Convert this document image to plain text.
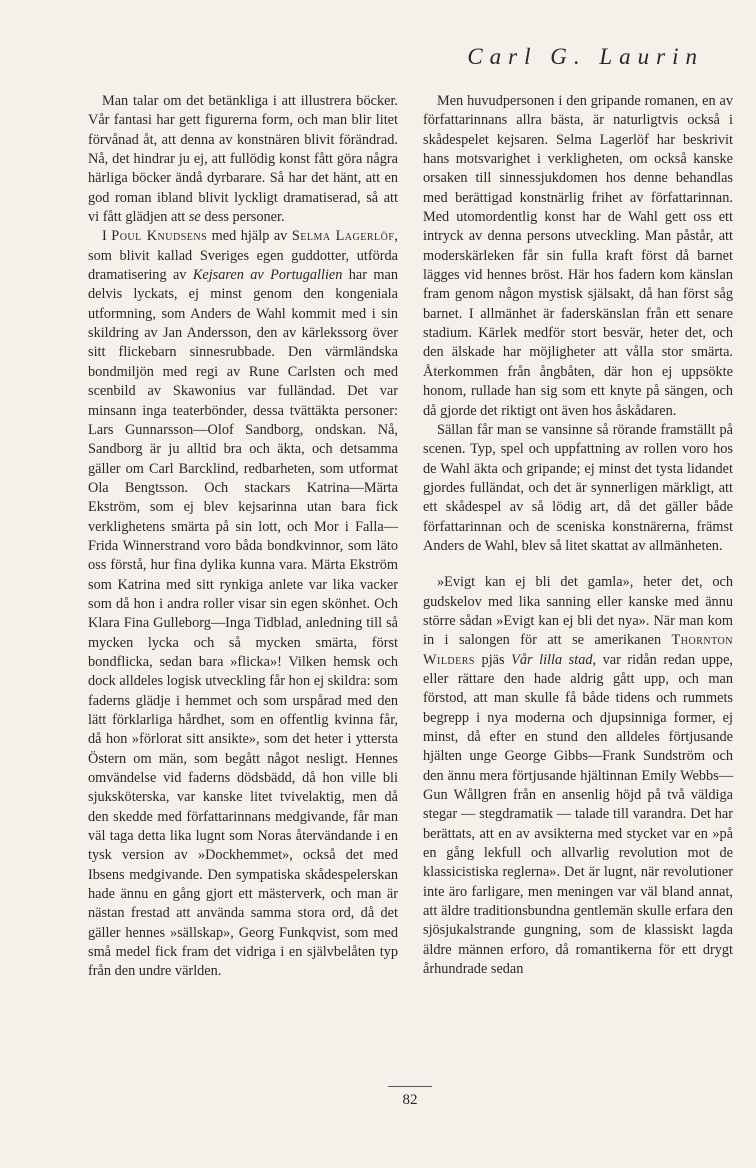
Carl G. Laurin

Man talar om det betänkliga i att illustrera böcker. Vår fantasi har gett figurerna form, och man blir litet förvånad åt, att denna av konstnären blivit förändrad. Nå, det hindrar ju ej, att fullödig konst fått göra några härliga böcker ändå dyrbarare. Så har det hänt, att en god roman ibland blivit lyckligt dramatiserad, så att vi fått glädjen att se dess personer.

I Poul Knudsens med hjälp av Selma Lagerlöf, som blivit kallad Sveriges egen guddotter, utförda dramatisering av Kejsaren av Portugallien har man delvis lyckats, ej minst genom den kongeniala utformning, som Anders de Wahl kommit med i sin skildring av Jan Andersson, den av kärlekssorg över sitt flickebarn sinnesrubbade. Den värmländska bondmiljön med regi av Rune Carlsten och med scenbild av Skawonius var fulländad. Det var minsann inga teaterbönder, dessa tvättäkta personer: Lars Gunnarsson—Olof Sandborg, ondskan. Nå, Sandborg är ju alltid bra och äkta, och detsamma gäller om Carl Barcklind, redbarheten, som utformat Ola Bengtsson. Och stackars Katrina—Märta Ekström, som ej blev kejsarinna utan bara fick verklighetens smärta på sin lott, och Mor i Falla—Frida Winnerstrand voro båda bondkvinnor, som läto oss förstå, hur fina dylika kunna vara. Märta Ekström som Katrina med sitt rynkiga anlete var lika vacker som då hon i andra roller visar sin egen skönhet. Och Klara Fina Gulleborg—Inga Tidblad, anledning till så mycken lycka och så mycken smärta, först bondflicka, sedan bara »flicka»! Vilken hemsk och dock alldeles logisk utveckling får hon ej skildra: som faderns glädje i hemmet och som urspårad med den lätt förklarliga hårdhet, som en offentlig kvinna får, då hon »förlorat sitt ansikte», som det heter i yttersta Östern om män, som begått något nesligt. Hennes omvändelse vid faderns dödsbädd, då hon ville bli sjuksköterska, var kanske litet tvivelaktig, men då den skedde med författarinnans medgivande, får man väl taga detta lika lugnt som Noras återvändande i en tysk version av »Dockhemmet», också det med Ibsens medgivande. Den sympatiska skådespelerskan hade ännu en gång gjort ett mästerverk, och man är nästan frestad att använda samma stora ord, då det gäller hennes »sällskap», Georg Funkqvist, som med små medel fick fram det vidriga i en självbelåten typ från den undre världen.

Men huvudpersonen i den gripande romanen, en av författarinnans allra bästa, är naturligtvis också i skådespelet kejsaren. Selma Lagerlöf har beskrivit hans motsvarighet i verkligheten, om också kanske orsaken till sinnessjukdomen hos denne behandlas med berättigad konstnärlig frihet av författarinnan. Med utomordentlig konst har de Wahl gett oss ett intryck av denna persons utveckling. Man påstår, att moderskärleken får sin fulla kraft först då barnet lägges vid hennes bröst. Här hos fadern kom känslan fram genom någon mystisk själsakt, då han först såg barnet. I allmänhet är faderskänslan från ett senare stadium. Kärlek medför stort besvär, heter det, och den älskade har möjligheter att vålla stor smärta. Återkommen från ångbåten, där hon ej uppsökte honom, rullade han sig som ett knyte på sängen, och då gjorde det riktigt ont även hos åskådaren.

Sällan får man se vansinne så rörande framställt på scenen. Typ, spel och uppfattning av rollen voro hos de Wahl äkta och gripande; ej minst det tysta lidandet gjordes fulländat, och det är synnerligen märkligt, att ett skådespel av så lödig art, då det gäller både författarinnan och de sceniska konstnärerna, främst Anders de Wahl, blev så litet skattat av allmänheten.

»Evigt kan ej bli det gamla», heter det, och gudskelov med lika sanning eller kanske med ännu större sådan »Evigt kan ej bli det nya». När man kom in i salongen för att se amerikanen Thornton Wilders pjäs Vår lilla stad, var ridån redan uppe, eller rättare den hade aldrig gått upp, och man förstod, att man skulle få både tidens och rummets begrepp i nya moderna och djupsinniga former, ej minst, då efter en stund den alldeles förtjusande hjälten unge George Gibbs—Frank Sundström och den ännu mera förtjusande hjältinnan Emily Webbs—Gun Wållgren från en ansenlig höjd på två väldiga stegar — stegdramatik — talade till varandra. Det har berättats, att en av avsikterna med stycket var en »på en gång lekfull och allvarlig revolution mot de klassicistiska reglerna». Det är lugnt, när revolutioner inte äro farligare, men meningen var väl bland annat, att äldre traditionsbundna gentlemän skulle erfara den sjösjukalstrande gungning, som de klassiskt lagda äldre männen erforo, då romantikerna för ett drygt århundrade sedan

82
